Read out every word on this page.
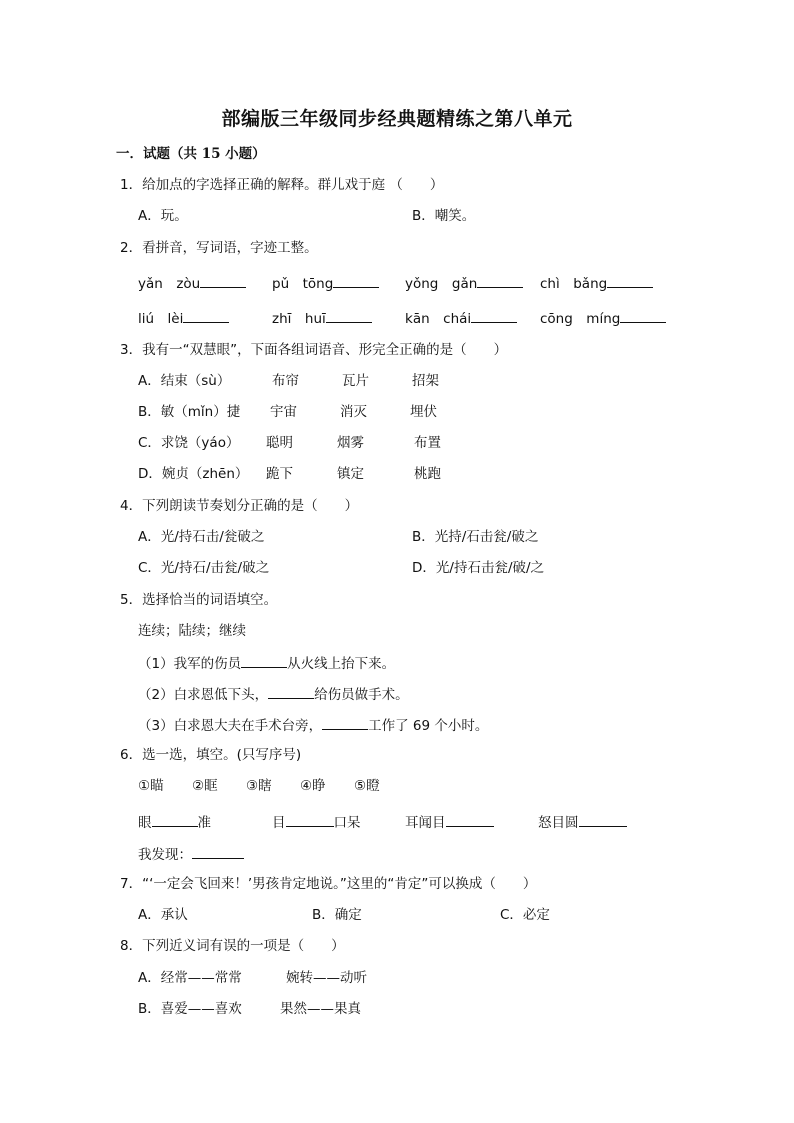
部编版三年级同步经典题精练之第八单元
一．试题（共 15 小题）
1．给加点的字选择正确的解释。群儿戏于庭 （　　）
A．玩。	B．嘲笑。
2．看拼音，写词语，字迹工整。
yǎn　zòu	pǔ　tōng	yǒng　gǎn	chì　bǎng
liú　lèi	zhī　huī	kān　chái	cōng　míng
3．我有一“双慧眼”，下面各组词语音、形完全正确的是（　　）
A．结束（sù）	布帘	瓦片	招架
B．敏（mǐn）捷 宇宙	消灭	埋伏
C．求饶（yáo） 聪明	烟雾	布置
D．婉贞（zhēn） 跪下	镇定	桃跑
4．下列朗读节奏划分正确的是（　　）
A．光/持石击/瓮破之	B．光持/石击瓮/破之
C．光/持石/击瓮/破之	D．光/持石击瓮/破/之
5．选择恰当的词语填空。
连续；陆续；继续
（1）我军的伤员	从火线上抬下来。
（2）白求恩低下头，	给伤员做手术。
（3）白求恩大夫在手术台旁，	工作了 69 个小时。
6．选一选，填空。(只写序号)
①瞄 ②眶 ③瞎 ④睁 ⑤瞪
眼	准	目	口呆	耳闻目	怒目圆
我发现：
7．“‘一定会飞回来！’男孩肯定地说。”这里的“肯定”可以换成（　　）
A．承认	B．确定	C．必定
8．下列近义词有误的一项是（　　）
A．经常——常常	婉转——动听
B．喜爱——喜欢	果然——果真
